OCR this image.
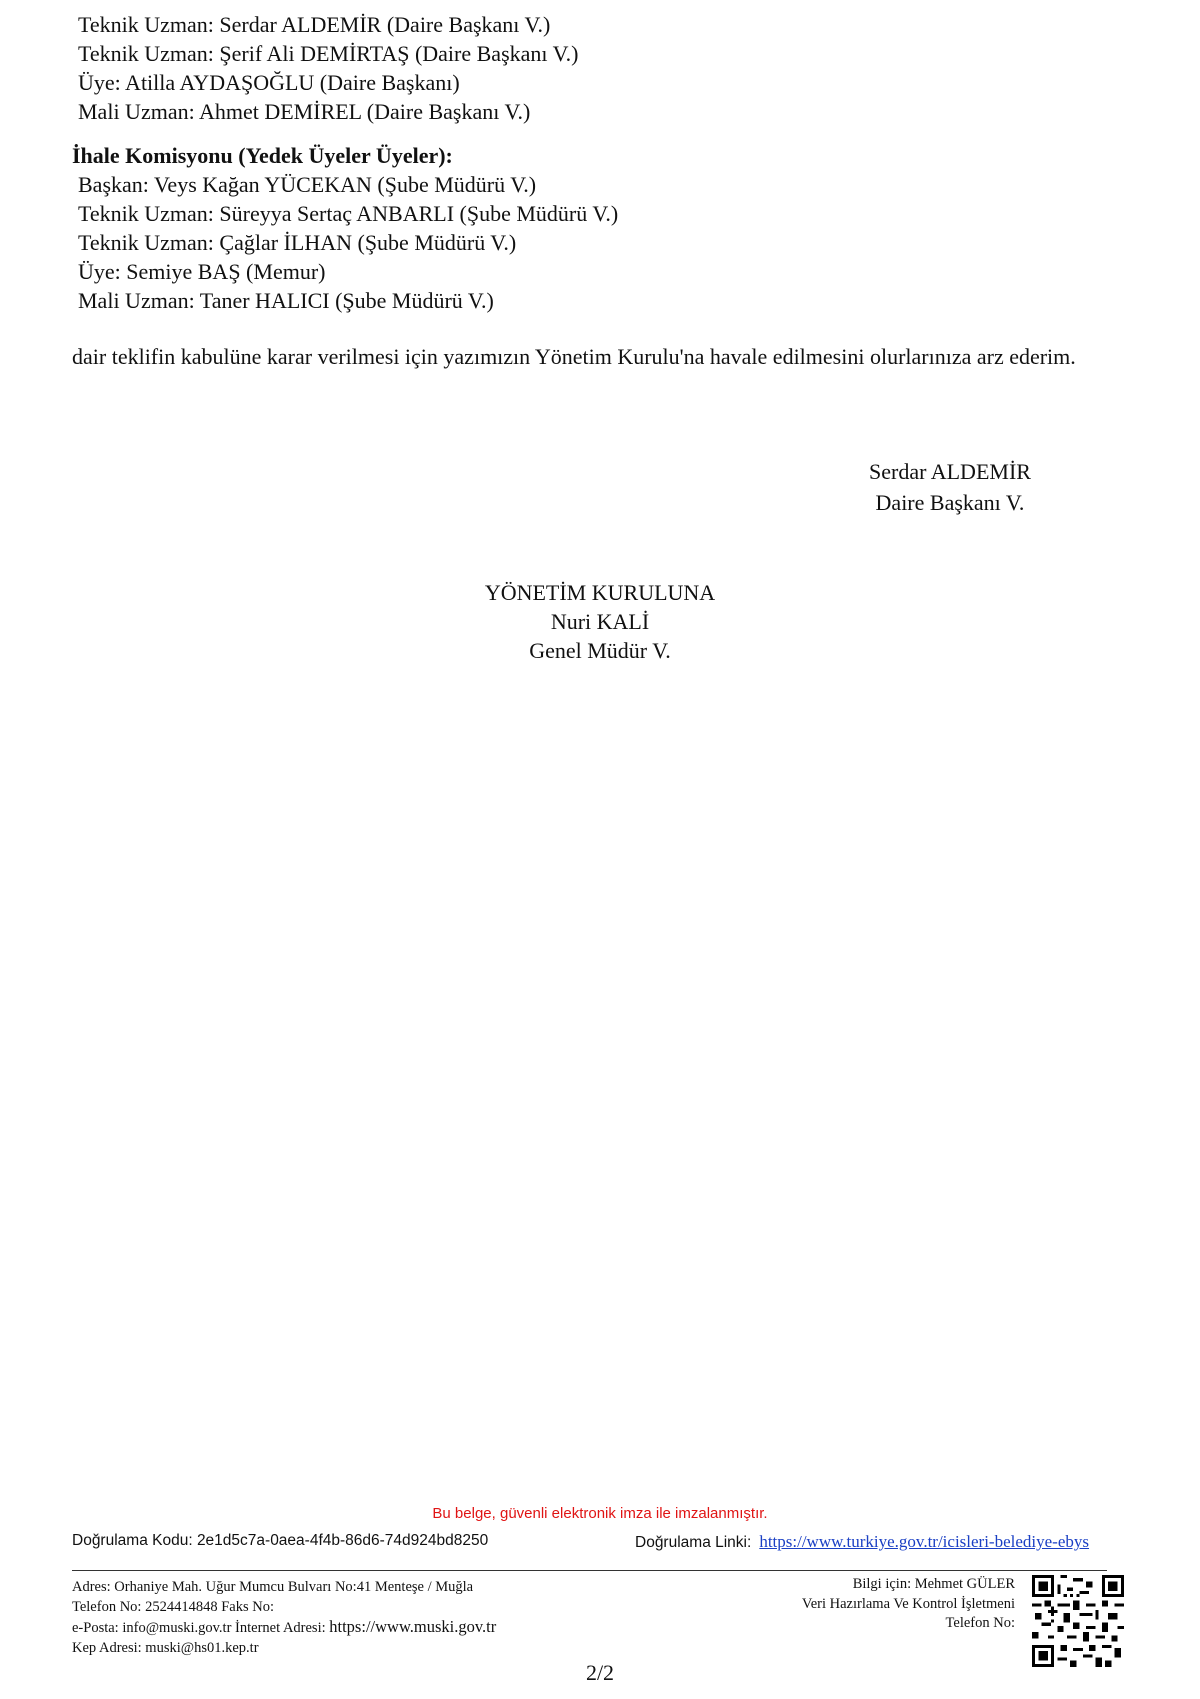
Teknik Uzman: Serdar ALDEMİR (Daire Başkanı V.)
Teknik Uzman: Şerif Ali DEMİRTAŞ (Daire Başkanı V.)
Üye: Atilla AYDAŞOĞLU (Daire Başkanı)
Mali Uzman: Ahmet DEMİREL (Daire Başkanı V.)
İhale Komisyonu (Yedek Üyeler Üyeler):
Başkan: Veys Kağan YÜCEKAN (Şube Müdürü V.)
Teknik Uzman: Süreyya Sertaç ANBARLI (Şube Müdürü V.)
Teknik Uzman: Çağlar İLHAN (Şube Müdürü V.)
Üye: Semiye BAŞ (Memur)
Mali Uzman: Taner HALICI (Şube Müdürü V.)
dair teklifin kabulüne karar verilmesi için yazımızın Yönetim Kurulu'na havale edilmesini olurlarınıza arz ederim.
Serdar ALDEMİR
Daire Başkanı V.
YÖNETİM KURULUNA
Nuri KALİ
Genel Müdür V.
Bu belge, güvenli elektronik imza ile imzalanmıştır.
Doğrulama Kodu: 2e1d5c7a-0aea-4f4b-86d6-74d924bd8250	Doğrulama Linki: https://www.turkiye.gov.tr/icisleri-belediye-ebys
Adres: Orhaniye Mah. Uğur Mumcu Bulvarı No:41 Menteşe / Muğla
Telefon No: 2524414848 Faks No:
e-Posta: info@muski.gov.tr İnternet Adresi: https://www.muski.gov.tr
Kep Adresi: muski@hs01.kep.tr
Bilgi için: Mehmet GÜLER
Veri Hazırlama Ve Kontrol İşletmeni
Telefon No:
2/2
